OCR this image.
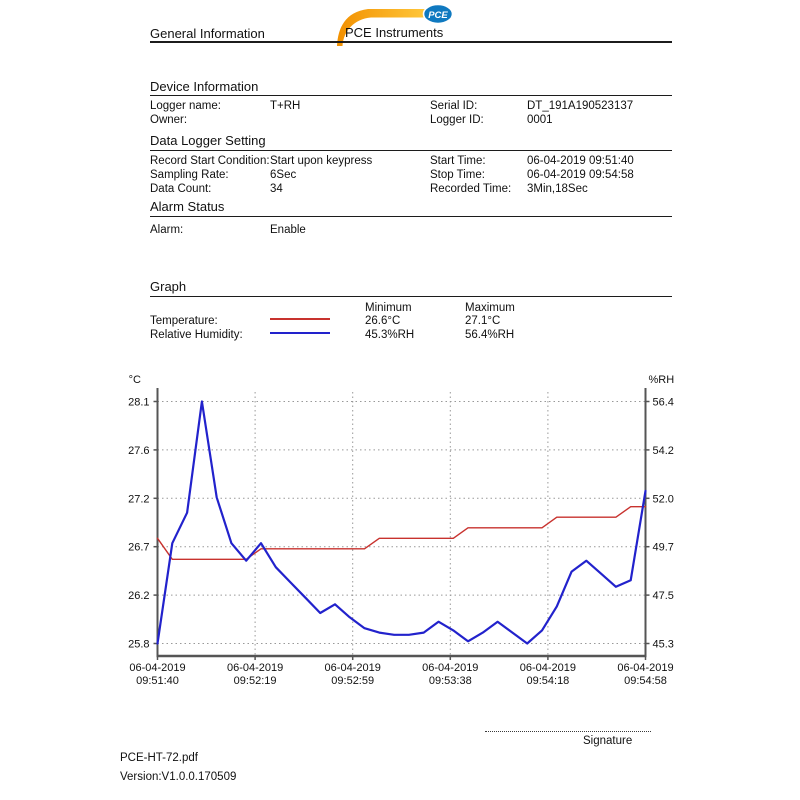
General Information
PCE
PCE Instruments
Device Information
Logger name:	T+RH
Owner:
Serial ID:	DT_191A190523137
Logger ID:	0001
Data Logger Setting
Record Start Condition: Start upon keypress
Sampling Rate:	6Sec
Data Count:	34
Start Time:	06-04-2019 09:51:40
Stop Time:	06-04-2019 09:54:58
Recorded Time: 3Min,18Sec
Alarm Status
Alarm:	Enable
Graph
Minimum	Maximum
Temperature:	26.6°C	27.1°C
Relative Humidity:	45.3%RH	56.4%RH
28.1	56.4
27.6	54.2
27.2	52.0
26.7	49.7
26.2	47.5
25.8	45.3
06-04-2019
09:51:40
06-04-2019
09:52:19
06-04-2019
09:52:59
06-04-2019
09:53:38
06-04-2019
09:54:18
06-04-2019
09:54:58
°C	%RH
Signature
PCE-HT-72.pdf
Version:V1.0.0.170509
